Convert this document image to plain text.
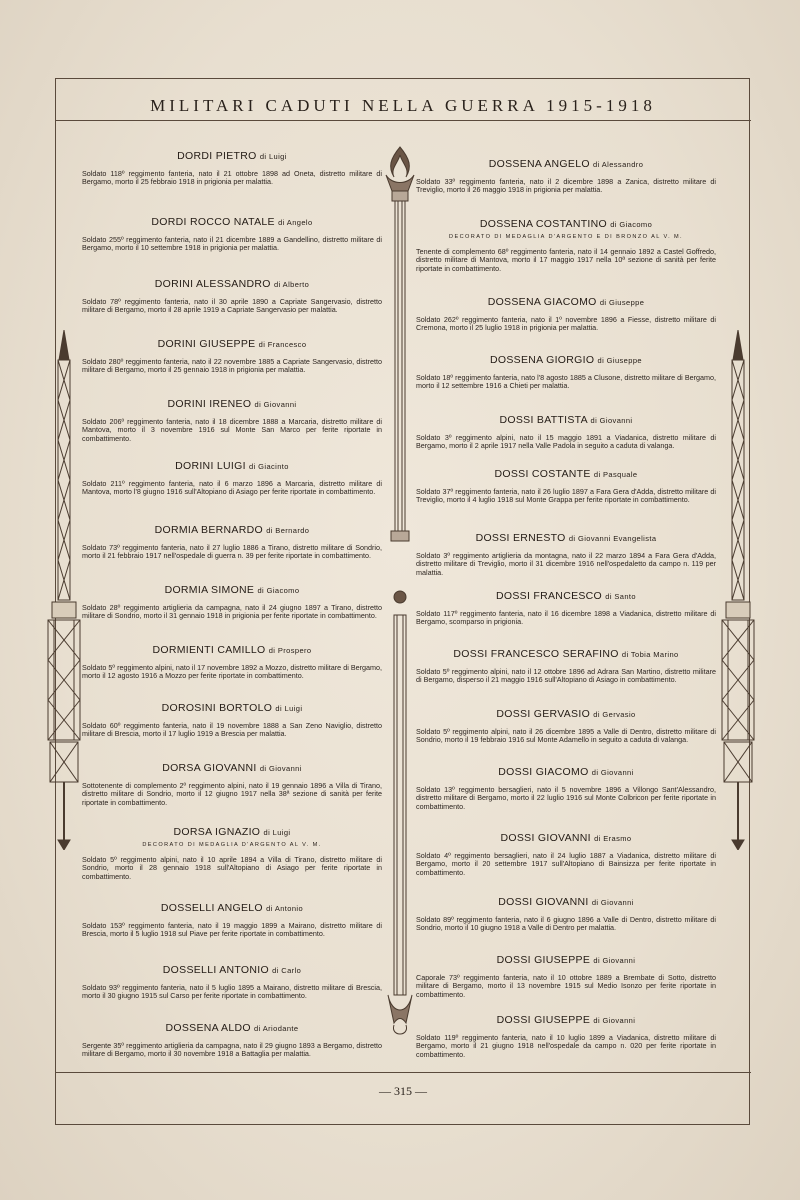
MILITARI CADUTI NELLA GUERRA 1915-1918
DORDI PIETRO di Luigi
Soldato 118º reggimento fanteria, nato il 21 ottobre 1898 ad Oneta, distretto militare di Bergamo, morto il 25 febbraio 1918 in prigionia per malattia.
DORDI ROCCO NATALE di Angelo
Soldato 255º reggimento fanteria, nato il 21 dicembre 1889 a Gandellino, distretto militare di Bergamo, morto il 10 settembre 1918 in prigionia per malattia.
DORINI ALESSANDRO di Alberto
Soldato 78º reggimento fanteria, nato il 30 aprile 1890 a Capriate Sangervasio, distretto militare di Bergamo, morto il 28 aprile 1919 a Capriate Sangervasio per malattia.
DORINI GIUSEPPE di Francesco
Soldato 280º reggimento fanteria, nato il 22 novembre 1885 a Capriate Sangervasio, distretto militare di Bergamo, morto il 25 gennaio 1918 in prigionia per malattia.
DORINI IRENEO di Giovanni
Soldato 206º reggimento fanteria, nato il 18 dicembre 1888 a Marcaria, distretto militare di Mantova, morto il 3 novembre 1916 sul Monte San Marco per ferite riportate in combattimento.
DORINI LUIGI di Giacinto
Soldato 211º reggimento fanteria, nato il 6 marzo 1896 a Marcaria, distretto militare di Mantova, morto l'8 giugno 1916 sull'Altopiano di Asiago per ferite riportate in combattimento.
DORMIA BERNARDO di Bernardo
Soldato 73º reggimento fanteria, nato il 27 luglio 1886 a Tirano, distretto militare di Sondrio, morto il 21 febbraio 1917 nell'ospedale di guerra n. 39 per ferite riportate in combattimento.
DORMIA SIMONE di Giacomo
Soldato 28º reggimento artiglieria da campagna, nato il 24 giugno 1897 a Tirano, distretto militare di Sondrio, morto il 31 gennaio 1918 in prigionia per ferite riportate in combattimento.
DORMIENTI CAMILLO di Prospero
Soldato 5º reggimento alpini, nato il 17 novembre 1892 a Mozzo, distretto militare di Bergamo, morto il 12 agosto 1916 a Mozzo per ferite riportate in combattimento.
DOROSINI BORTOLO di Luigi
Soldato 60º reggimento fanteria, nato il 19 novembre 1888 a San Zeno Naviglio, distretto militare di Brescia, morto il 17 luglio 1919 a Brescia per malattia.
DORSA GIOVANNI di Giovanni
Sottotenente di complemento 2º reggimento alpini, nato il 19 gennaio 1896 a Villa di Tirano, distretto militare di Sondrio, morto il 12 giugno 1917 nella 38ª sezione di sanità per ferite riportate in combattimento.
DORSA IGNAZIO di Luigi
DECORATO DI MEDAGLIA D'ARGENTO AL V. M.
Soldato 5º reggimento alpini, nato il 10 aprile 1894 a Villa di Tirano, distretto militare di Sondrio, morto il 28 gennaio 1918 sull'Altopiano di Asiago per ferite riportate in combattimento.
DOSSELLI ANGELO di Antonio
Soldato 153º reggimento fanteria, nato il 19 maggio 1899 a Mairano, distretto militare di Brescia, morto il 5 luglio 1918 sul Piave per ferite riportate in combattimento.
DOSSELLI ANTONIO di Carlo
Soldato 93º reggimento fanteria, nato il 5 luglio 1895 a Mairano, distretto militare di Brescia, morto il 30 giugno 1915 sul Carso per ferite riportate in combattimento.
DOSSENA ALDO di Ariodante
Sergente 35º reggimento artiglieria da campagna, nato il 29 giugno 1893 a Bergamo, distretto militare di Bergamo, morto il 30 novembre 1918 a Battaglia per malattia.
DOSSENA ANGELO di Alessandro
Soldato 33º reggimento fanteria, nato il 2 dicembre 1898 a Zanica, distretto militare di Treviglio, morto il 26 maggio 1918 in prigionia per malattia.
DOSSENA COSTANTINO di Giacomo
DECORATO DI MEDAGLIA D'ARGENTO E DI BRONZO AL V. M.
Tenente di complemento 68º reggimento fanteria, nato il 14 gennaio 1892 a Castel Goffredo, distretto militare di Mantova, morto il 17 maggio 1917 nella 10ª sezione di sanità per ferite riportate in combattimento.
DOSSENA GIACOMO di Giuseppe
Soldato 262º reggimento fanteria, nato il 1º novembre 1896 a Fiesse, distretto militare di Cremona, morto il 25 luglio 1918 in prigionia per malattia.
DOSSENA GIORGIO di Giuseppe
Soldato 18º reggimento fanteria, nato l'8 agosto 1885 a Clusone, distretto militare di Bergamo, morto il 12 settembre 1916 a Chieti per malattia.
DOSSI BATTISTA di Giovanni
Soldato 3º reggimento alpini, nato il 15 maggio 1891 a Viadanica, distretto militare di Bergamo, morto il 2 aprile 1917 nella Valle Padola in seguito a caduta di valanga.
DOSSI COSTANTE di Pasquale
Soldato 37º reggimento fanteria, nato il 26 luglio 1897 a Fara Gera d'Adda, distretto militare di Treviglio, morto il 4 luglio 1918 sul Monte Grappa per ferite riportate in combattimento.
DOSSI ERNESTO di Giovanni Evangelista
Soldato 3º reggimento artiglieria da montagna, nato il 22 marzo 1894 a Fara Gera d'Adda, distretto militare di Treviglio, morto il 31 dicembre 1916 nell'ospedaletto da campo n. 119 per malattia.
DOSSI FRANCESCO di Santo
Soldato 117º reggimento fanteria, nato il 16 dicembre 1898 a Viadanica, distretto militare di Bergamo, scomparso in prigionia.
DOSSI FRANCESCO SERAFINO di Tobia Marino
Soldato 5º reggimento alpini, nato il 12 ottobre 1896 ad Adrara San Martino, distretto militare di Bergamo, disperso il 21 maggio 1916 sull'Altopiano di Asiago in combattimento.
DOSSI GERVASIO di Gervasio
Soldato 5º reggimento alpini, nato il 26 dicembre 1895 a Valle di Dentro, distretto militare di Sondrio, morto il 19 febbraio 1916 sul Monte Adamello in seguito a caduta di valanga.
DOSSI GIACOMO di Giovanni
Soldato 13º reggimento bersaglieri, nato il 5 novembre 1896 a Villongo Sant'Alessandro, distretto militare di Bergamo, morto il 22 luglio 1916 sul Monte Colbricon per ferite riportate in combattimento.
DOSSI GIOVANNI di Erasmo
Soldato 4º reggimento bersaglieri, nato il 24 luglio 1887 a Viadanica, distretto militare di Bergamo, morto il 20 settembre 1917 sull'Altopiano di Bainsizza per ferite riportate in combattimento.
DOSSI GIOVANNI di Giovanni
Soldato 89º reggimento fanteria, nato il 6 giugno 1896 a Valle di Dentro, distretto militare di Sondrio, morto il 10 giugno 1918 a Valle di Dentro per malattia.
DOSSI GIUSEPPE di Giovanni
Caporale 73º reggimento fanteria, nato il 10 ottobre 1889 a Brembate di Sotto, distretto militare di Bergamo, morto il 13 novembre 1915 sul Medio Isonzo per ferite riportate in combattimento.
DOSSI GIUSEPPE di Giovanni
Soldato 119º reggimento fanteria, nato il 10 luglio 1899 a Viadanica, distretto militare di Bergamo, morto il 21 giugno 1918 nell'ospedale da campo n. 020 per ferite riportate in combattimento.
— 315 —
